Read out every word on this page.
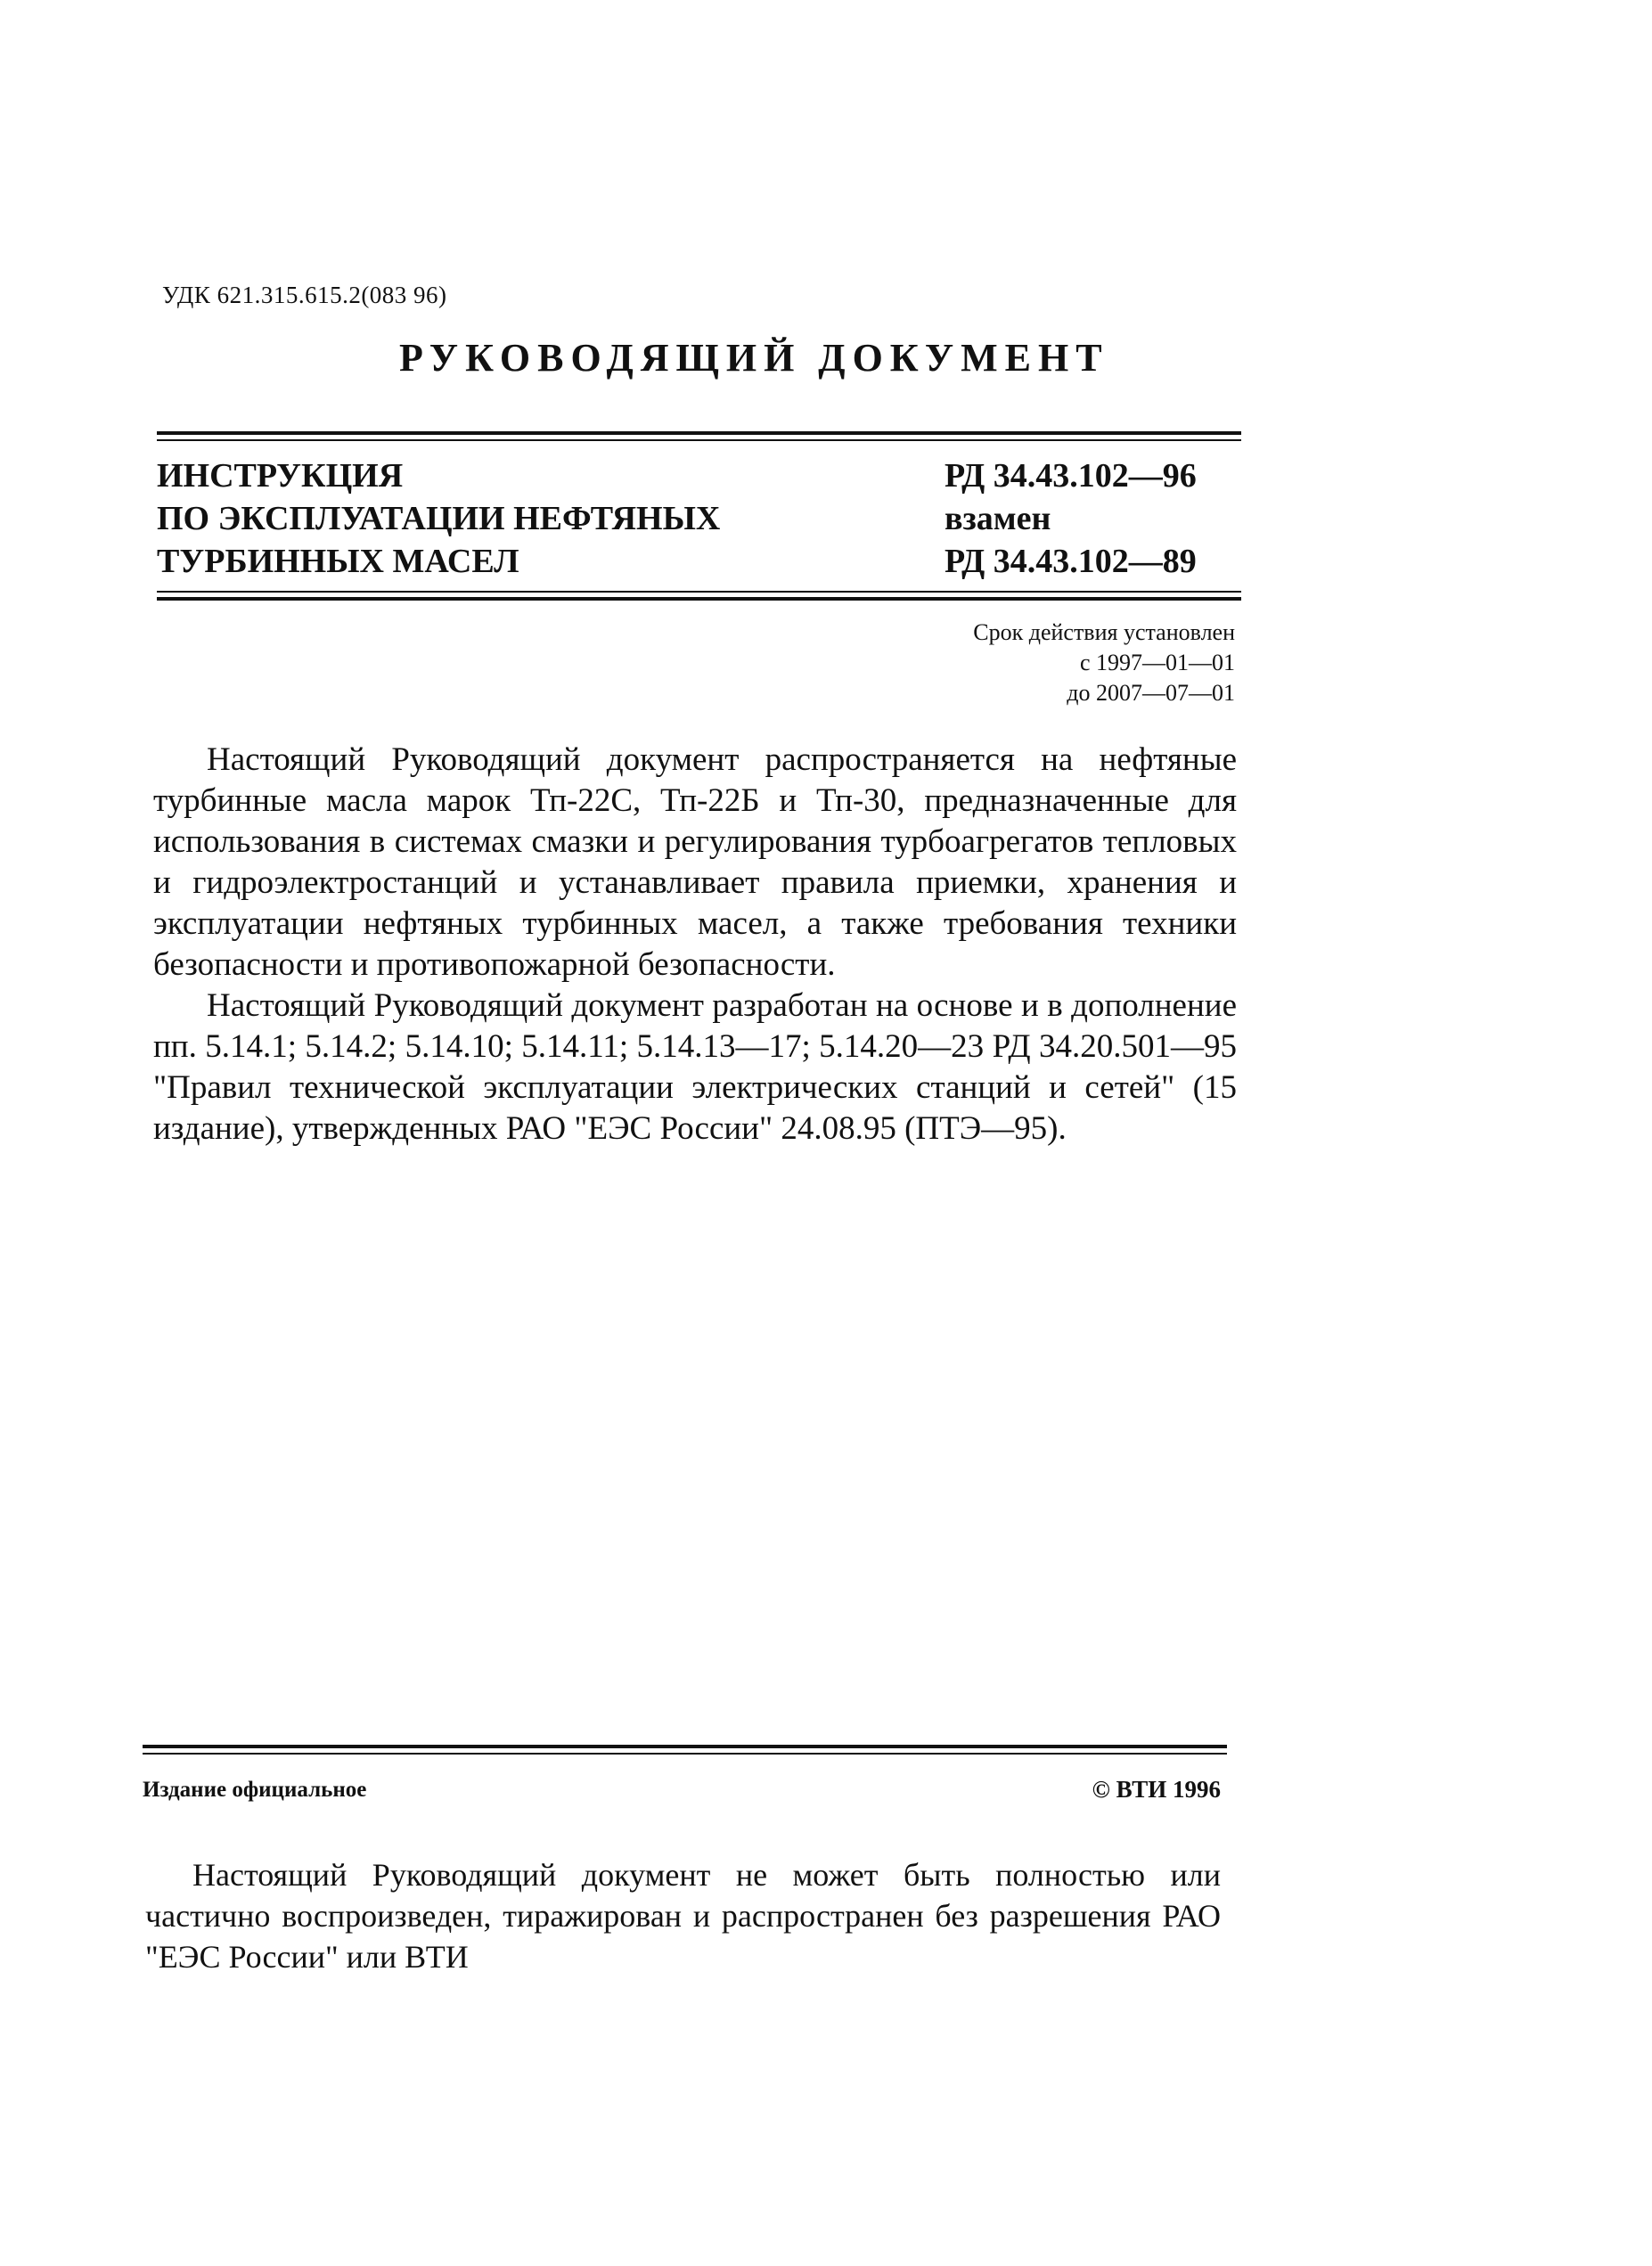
УДК 621.315.615.2(083 96)
РУКОВОДЯЩИЙ ДОКУМЕНТ
ИНСТРУКЦИЯ
ПО ЭКСПЛУАТАЦИИ НЕФТЯНЫХ
ТУРБИННЫХ МАСЕЛ
РД 34.43.102—96
взамен
РД 34.43.102—89
Срок действия установлен
с 1997—01—01
до 2007—07—01

Настоящий Руководящий документ распространяется на нефтяные турбинные масла марок Тп-22С, Тп-22Б и Тп-30, предназначенные для использования в системах смазки и регулирования турбоагрегатов тепловых и гидроэлектростанций и устанавливает правила приемки, хранения и эксплуатации нефтяных турбинных масел, а также требования техники безопасности и противопожарной безопасности.

Настоящий Руководящий документ разработан на основе и в дополнение пп. 5.14.1; 5.14.2; 5.14.10; 5.14.11; 5.14.13—17; 5.14.20—23 РД 34.20.501—95 "Правил технической эксплуатации электрических станций и сетей" (15 издание), утвержденных РАО "ЕЭС России" 24.08.95 (ПТЭ—95).

Издание официальное	© ВТИ 1996

Настоящий Руководящий документ не может быть полностью или частично воспроизведен, тиражирован и распространен без разрешения РАО "ЕЭС России" или ВТИ
